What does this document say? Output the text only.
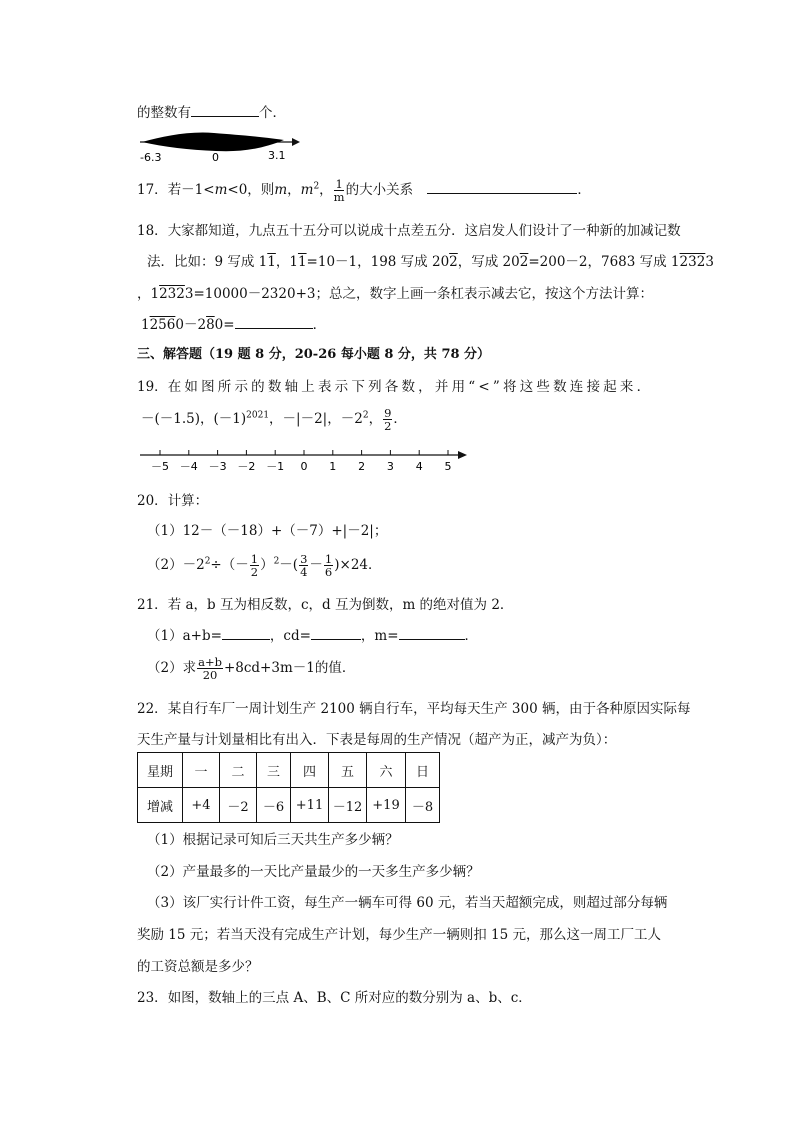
的整数有	个．
-6.3	0	3.1
17．若－1<m<0，则m，$m^2$， $\frac{1}{m}$ 的大小关系	．
18．大家都知道，九点五十五分可以说成十点差五分．这启发人们设计了一种新的加减记数
法．比如：9 写成 11，11=10－1，198 写成 202，写成 202=200－2，7683 写成 12323
，12323=10000－2320+3；总之，数字上画一条杠表示减去它，按这个方法计算：
12560－280=	．
三、解答题（19 题 8 分，20-26 每小题 8 分，共 78 分）
19．在如图所示的数轴上表示下列各数，并用“<”将这些数连接起来．
－(－1.5)，$(-1)^{2021}$，－|－2|，$-2^2$， $\frac{9}{2}$ ．
－5 －4 －3 －2 －1 0 1 2 3 4 5
20．计算：
（1）12－（－18）+（－7）+|－2|；
$(2)-2^2\div(- \frac{1}{2} )^2-( \frac{3}{4} - \frac{1}{6} )\times 24$．
21．若 a，b 互为相反数，c，d 互为倒数，m 的绝对值为 2．
（1）a+b=	，cd=	，m=	．
（2）求 $\frac{a+b}{20} +8cd+3m-1$的值．
22．某自行车厂一周计划生产 2100 辆自行车，平均每天生产 300 辆，由于各种原因实际每
天生产量与计划量相比有出入．下表是每周的生产情况（超产为正，减产为负）：
星期	一	二	三	四	五	六	日
增减	+4	－2	－6	+11	－12	+19	－8
（1）根据记录可知后三天共生产多少辆？
（2）产量最多的一天比产量最少的一天多生产多少辆？
（3）该厂实行计件工资，每生产一辆车可得 60 元，若当天超额完成，则超过部分每辆
奖励 15 元；若当天没有完成生产计划，每少生产一辆则扣 15 元，那么这一周工厂工人
的工资总额是多少？
23．如图，数轴上的三点 A、B、C 所对应的数分别为 a、b、c．
